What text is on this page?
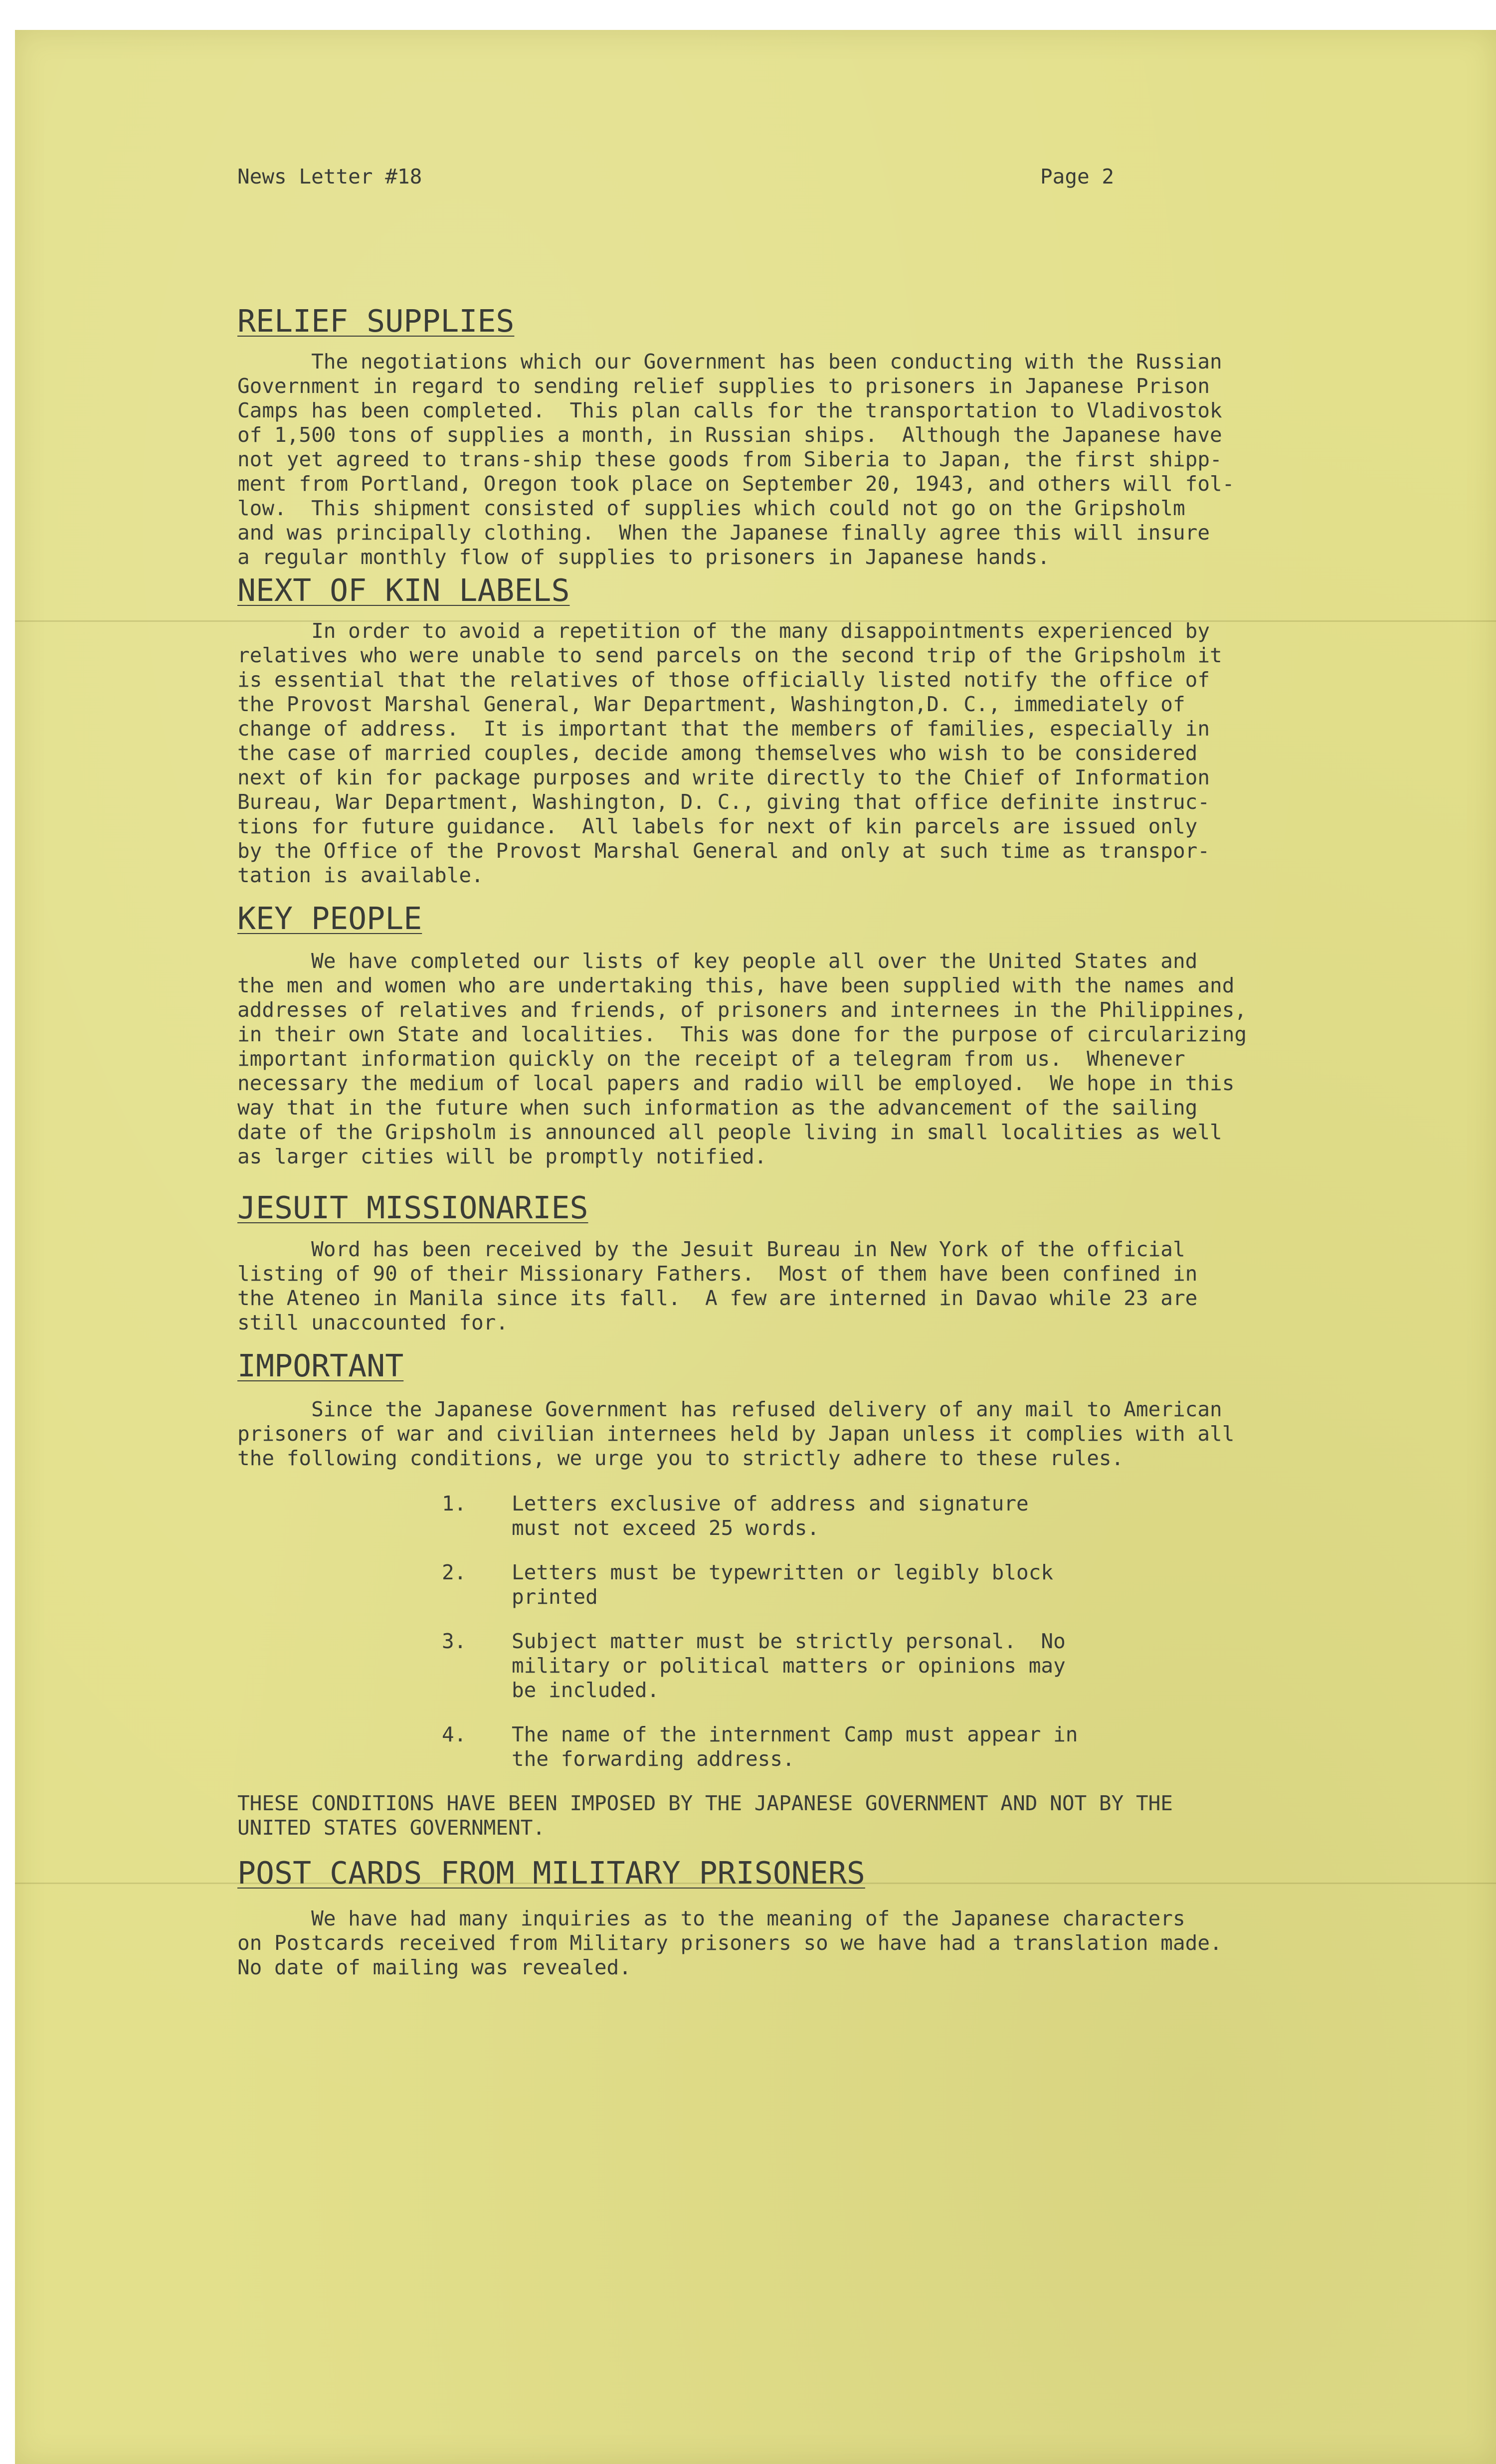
News Letter #18	Page 2
RELIEF SUPPLIES
The negotiations which our Government has been conducting with the Russian
Government in regard to sending relief supplies to prisoners in Japanese Prison
Camps has been completed.  This plan calls for the transportation to Vladivostok
of 1,500 tons of supplies a month, in Russian ships.  Although the Japanese have
not yet agreed to trans-ship these goods from Siberia to Japan, the first shipp-
ment from Portland, Oregon took place on September 20, 1943, and others will fol-
low.  This shipment consisted of supplies which could not go on the Gripsholm
and was principally clothing.  When the Japanese finally agree this will insure
a regular monthly flow of supplies to prisoners in Japanese hands.
NEXT OF KIN LABELS
In order to avoid a repetition of the many disappointments experienced by
relatives who were unable to send parcels on the second trip of the Gripsholm it
is essential that the relatives of those officially listed notify the office of
the Provost Marshal General, War Department, Washington,D. C., immediately of
change of address.  It is important that the members of families, especially in
the case of married couples, decide among themselves who wish to be considered
next of kin for package purposes and write directly to the Chief of Information
Bureau, War Department, Washington, D. C., giving that office definite instruc-
tions for future guidance.  All labels for next of kin parcels are issued only
by the Office of the Provost Marshal General and only at such time as transpor-
tation is available.
KEY PEOPLE
We have completed our lists of key people all over the United States and
the men and women who are undertaking this, have been supplied with the names and
addresses of relatives and friends, of prisoners and internees in the Philippines,
in their own State and localities.  This was done for the purpose of circularizing
important information quickly on the receipt of a telegram from us.  Whenever
necessary the medium of local papers and radio will be employed.  We hope in this
way that in the future when such information as the advancement of the sailing
date of the Gripsholm is announced all people living in small localities as well
as larger cities will be promptly notified.
JESUIT MISSIONARIES
Word has been received by the Jesuit Bureau in New York of the official
listing of 90 of their Missionary Fathers.  Most of them have been confined in
the Ateneo in Manila since its fall.  A few are interned in Davao while 23 are
still unaccounted for.
IMPORTANT
Since the Japanese Government has refused delivery of any mail to American
prisoners of war and civilian internees held by Japan unless it complies with all
the following conditions, we urge you to strictly adhere to these rules.
1. Letters exclusive of address and signature
must not exceed 25 words.
2. Letters must be typewritten or legibly block
printed
3. Subject matter must be strictly personal.  No
military or political matters or opinions may
be included.
4. The name of the internment Camp must appear in
the forwarding address.
THESE CONDITIONS HAVE BEEN IMPOSED BY THE JAPANESE GOVERNMENT AND NOT BY THE
UNITED STATES GOVERNMENT.
POST CARDS FROM MILITARY PRISONERS
We have had many inquiries as to the meaning of the Japanese characters
on Postcards received from Military prisoners so we have had a translation made.
No date of mailing was revealed.
